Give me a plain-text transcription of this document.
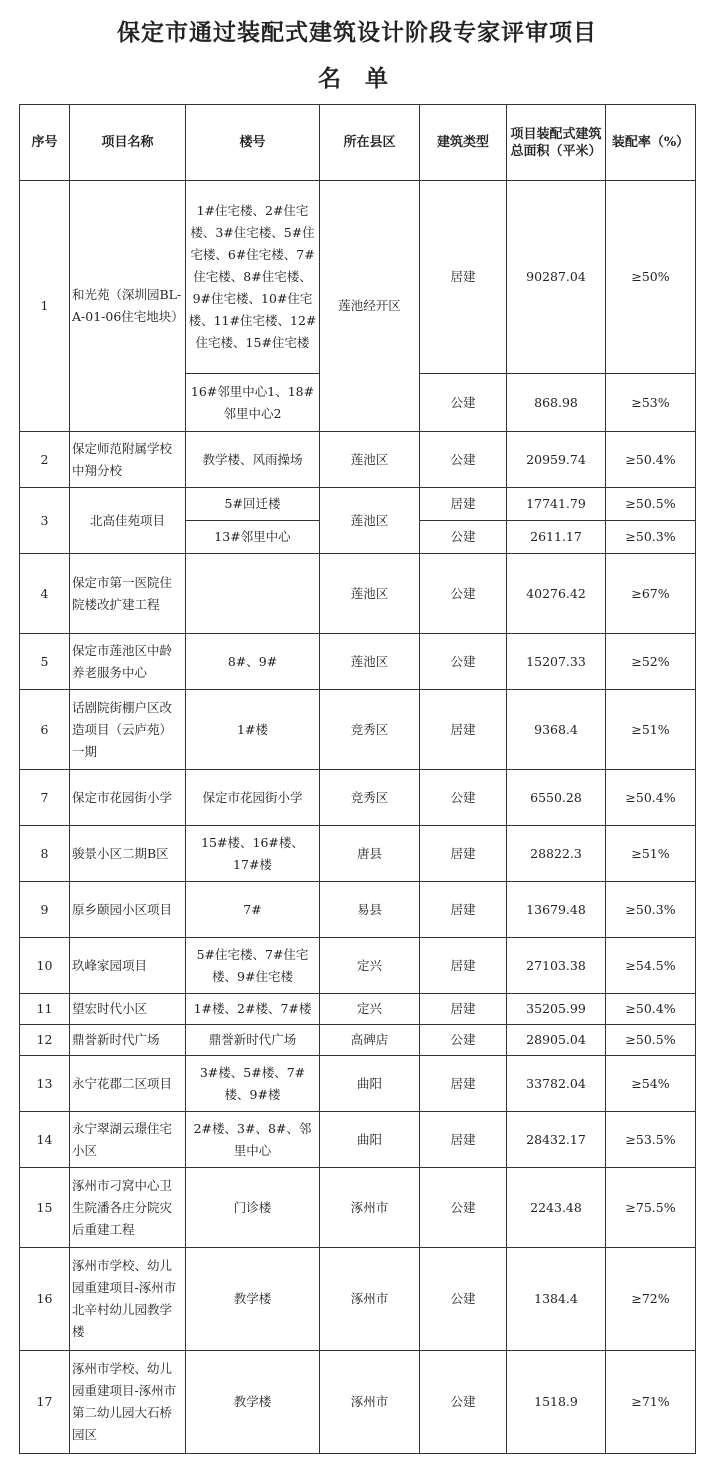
保定市通过装配式建筑设计阶段专家评审项目
名 单
序号	项目名称	楼号	所在县区	建筑类型	项目装配式建筑总面积（平米）	装配率（%）
1	和光苑（深圳园BL-A-01-06住宅地块）	1#住宅楼、2#住宅楼、3#住宅楼、5#住宅楼、6#住宅楼、7#住宅楼、8#住宅楼、9#住宅楼、10#住宅楼、11#住宅楼、12#住宅楼、15#住宅楼	莲池经开区	居建	90287.04	≥50%
		16#邻里中心1、18#邻里中心2		公建	868.98	≥53%
2	保定师范附属学校中翔分校	教学楼、风雨操场	莲池区	公建	20959.74	≥50.4%
3	北高佳苑项目	5#回迁楼	莲池区	居建	17741.79	≥50.5%
		13#邻里中心		公建	2611.17	≥50.3%
4	保定市第一医院住院楼改扩建工程		莲池区	公建	40276.42	≥67%
5	保定市莲池区中龄养老服务中心	8#、9#	莲池区	公建	15207.33	≥52%
6	话剧院街棚户区改造项目（云庐苑）一期	1#楼	竞秀区	居建	9368.4	≥51%
7	保定市花园街小学	保定市花园街小学	竞秀区	公建	6550.28	≥50.4%
8	骏景小区二期B区	15#楼、16#楼、17#楼	唐县	居建	28822.3	≥51%
9	原乡颐园小区项目	7#	易县	居建	13679.48	≥50.3%
10	玖峰家园项目	5#住宅楼、7#住宅楼、9#住宅楼	定兴	居建	27103.38	≥54.5%
11	望宏时代小区	1#楼、2#楼、7#楼	定兴	居建	35205.99	≥50.4%
12	鼎誉新时代广场	鼎誉新时代广场	高碑店	公建	28905.04	≥50.5%
13	永宁花郡二区项目	3#楼、5#楼、7#楼、9#楼	曲阳	居建	33782.04	≥54%
14	永宁翠湖云璟住宅小区	2#楼、3#、8#、邻里中心	曲阳	居建	28432.17	≥53.5%
15	涿州市刁窝中心卫生院潘各庄分院灾后重建工程	门诊楼	涿州市	公建	2243.48	≥75.5%
16	涿州市学校、幼儿园重建项目-涿州市北辛村幼儿园教学楼	教学楼	涿州市	公建	1384.4	≥72%
17	涿州市学校、幼儿园重建项目-涿州市第二幼儿园大石桥园区	教学楼	涿州市	公建	1518.9	≥71%
